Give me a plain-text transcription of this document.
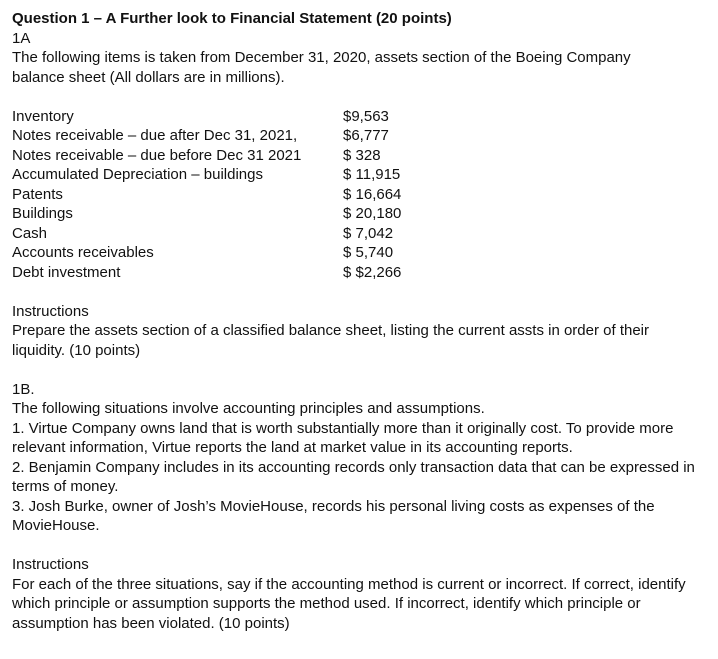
Question 1 – A Further look to Financial Statement (20 points)

1A

The following items is taken from December 31, 2020, assets section of the Boeing Company balance sheet (All dollars are in millions).

Inventory	$9,563
Notes receivable – due after Dec 31, 2021,	$6,777
Notes receivable – due before Dec 31 2021	$ 328
Accumulated Depreciation – buildings	$ 11,915
Patents	$ 16,664
Buildings	$ 20,180
Cash	$ 7,042
Accounts receivables	$ 5,740
Debt investment	$ $2,266

Instructions

Prepare the assets section of a classified balance sheet, listing the current assts in order of their liquidity. (10 points)

1B.

The following situations involve accounting principles and assumptions.

1. Virtue Company owns land that is worth substantially more than it originally cost. To provide more relevant information, Virtue reports the land at market value in its accounting reports.

2. Benjamin Company includes in its accounting records only transaction data that can be expressed in terms of money.

3. Josh Burke, owner of Josh’s MovieHouse, records his personal living costs as expenses of the MovieHouse.

Instructions

For each of the three situations, say if the accounting method is current or incorrect. If correct, identify which principle or assumption supports the method used. If incorrect, identify which principle or assumption has been violated. (10 points)
